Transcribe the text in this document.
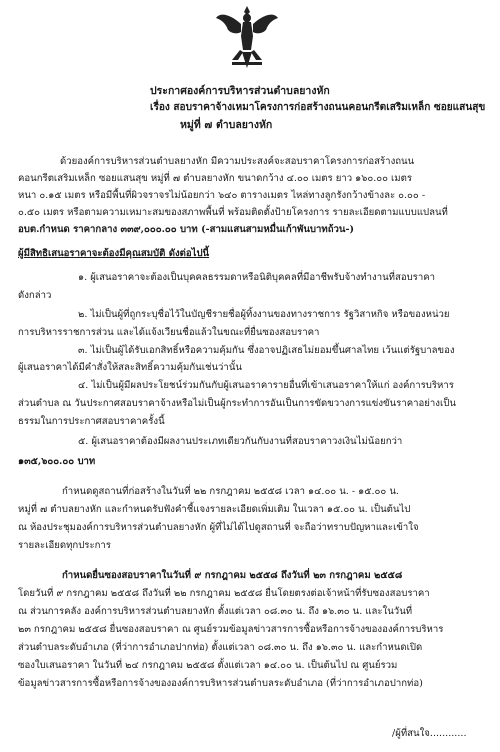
ประกาศองค์การบริหารส่วนตำบลยางหัก
เรื่อง สอบราคาจ้างเหมาโครงการก่อสร้างถนนคอนกรีตเสริมเหล็ก ซอยแสนสุข
หมู่ที่ ๗ ตำบลยางหัก
ด้วยองค์การบริหารส่วนตำบลยางหัก มีความประสงค์จะสอบราคาโครงการก่อสร้างถนน
คอนกรีตเสริมเหล็ก ซอยแสนสุข หมู่ที่ ๗ ตำบลยางหัก ขนาดกว้าง ๔.๐๐ เมตร ยาว ๑๖๐.๐๐ เมตร
หนา ๐.๑๕ เมตร หรือมีพื้นที่ผิวจราจรไม่น้อยกว่า ๖๔๐ ตารางเมตร ไหล่ทางลูกรังกว้างข้างละ ๐.๐๐ -
๐.๕๐ เมตร หรือตามความเหมาะสมของสภาพพื้นที่ พร้อมติดตั้งป้ายโครงการ รายละเอียดตามแบบแปลนที่
อบต.กำหนด ราคากลาง ๓๓๙,๐๐๐.๐๐ บาท (-สามแสนสามหมื่นเก้าพันบาทถ้วน-)
ผู้มีสิทธิเสนอราคาจะต้องมีคุณสมบัติ ดังต่อไปนี้
๑. ผู้เสนอราคาจะต้องเป็นบุคคลธรรมดาหรือนิติบุคคลที่มีอาชีพรับจ้างทำงานที่สอบราคา
ดังกล่าว
๒. ไม่เป็นผู้ที่ถูกระบุชื่อไว้ในบัญชีรายชื่อผู้ทิ้งงานของทางราชการ รัฐวิสาหกิจ หรือของหน่วย
การบริหารราชการส่วน และได้แจ้งเวียนชื่อแล้วในขณะที่ยื่นซองสอบราคา
๓. ไม่เป็นผู้ได้รับเอกสิทธิ์หรือความคุ้มกัน ซึ่งอาจปฏิเสธไม่ยอมขึ้นศาลไทย เว้นแต่รัฐบาลของ
ผู้เสนอราคาได้มีคำสั่งให้สละสิทธิ์ความคุ้มกันเช่นว่านั้น
๔. ไม่เป็นผู้มีผลประโยชน์ร่วมกันกับผู้เสนอราคารายอื่นที่เข้าเสนอราคาให้แก่ องค์การบริหาร
ส่วนตำบล ณ วันประกาศสอบราคาจ้างหรือไม่เป็นผู้กระทำการอันเป็นการขัดขวางการแข่งขันราคาอย่างเป็น
ธรรมในการประกาศสอบราคาครั้งนี้
๕. ผู้เสนอราคาต้องมีผลงานประเภทเดียวกันกับงานที่สอบราคาวงเงินไม่น้อยกว่า
๑๓๕,๖๐๐.๐๐ บาท
กำหนดดูสถานที่ก่อสร้างในวันที่ ๒๒ กรกฎาคม ๒๕๕๘ เวลา ๑๔.๐๐ น. - ๑๕.๐๐ น.
หมู่ที่ ๗ ตำบลยางหัก และกำหนดรับฟังคำชี้แจงรายละเอียดเพิ่มเติม ในเวลา ๑๕.๐๐ น. เป็นต้นไป
ณ ห้องประชุมองค์การบริหารส่วนตำบลยางหัก ผู้ที่ไม่ได้ไปดูสถานที่ จะถือว่าทราบปัญหาและเข้าใจ
รายละเอียดทุกประการ
กำหนดยื่นซองสอบราคาในวันที่ ๙ กรกฎาคม ๒๕๕๘ ถึงวันที่ ๒๓ กรกฎาคม ๒๕๕๘
โดยวันที่ ๙ กรกฎาคม ๒๕๕๘ ถึงวันที่ ๒๒ กรกฎาคม ๒๕๕๘ ยื่นโดยตรงต่อเจ้าหน้าที่รับซองสอบราคา
ณ ส่วนการคลัง องค์การบริหารส่วนตำบลยางหัก ตั้งแต่เวลา ๐๘.๓๐ น. ถึง ๑๖.๓๐ น. และในวันที่
๒๓ กรกฎาคม ๒๕๕๘ ยื่นซองสอบราคา ณ ศูนย์รวมข้อมูลข่าวสารการซื้อหรือการจ้างขององค์การบริหาร
ส่วนตำบลระดับอำเภอ (ที่ว่าการอำเภอปากท่อ) ตั้งแต่เวลา ๐๘.๓๐ น. ถึง ๑๖.๓๐ น. และกำหนดเปิด
ซองใบเสนอราคา ในวันที่ ๒๔ กรกฎาคม ๒๕๕๘ ตั้งแต่เวลา ๑๔.๐๐ น. เป็นต้นไป ณ ศูนย์รวม
ข้อมูลข่าวสารการซื้อหรือการจ้างขององค์การบริหารส่วนตำบลระดับอำเภอ (ที่ว่าการอำเภอปากท่อ)
/ผู้ที่สนใจ............
